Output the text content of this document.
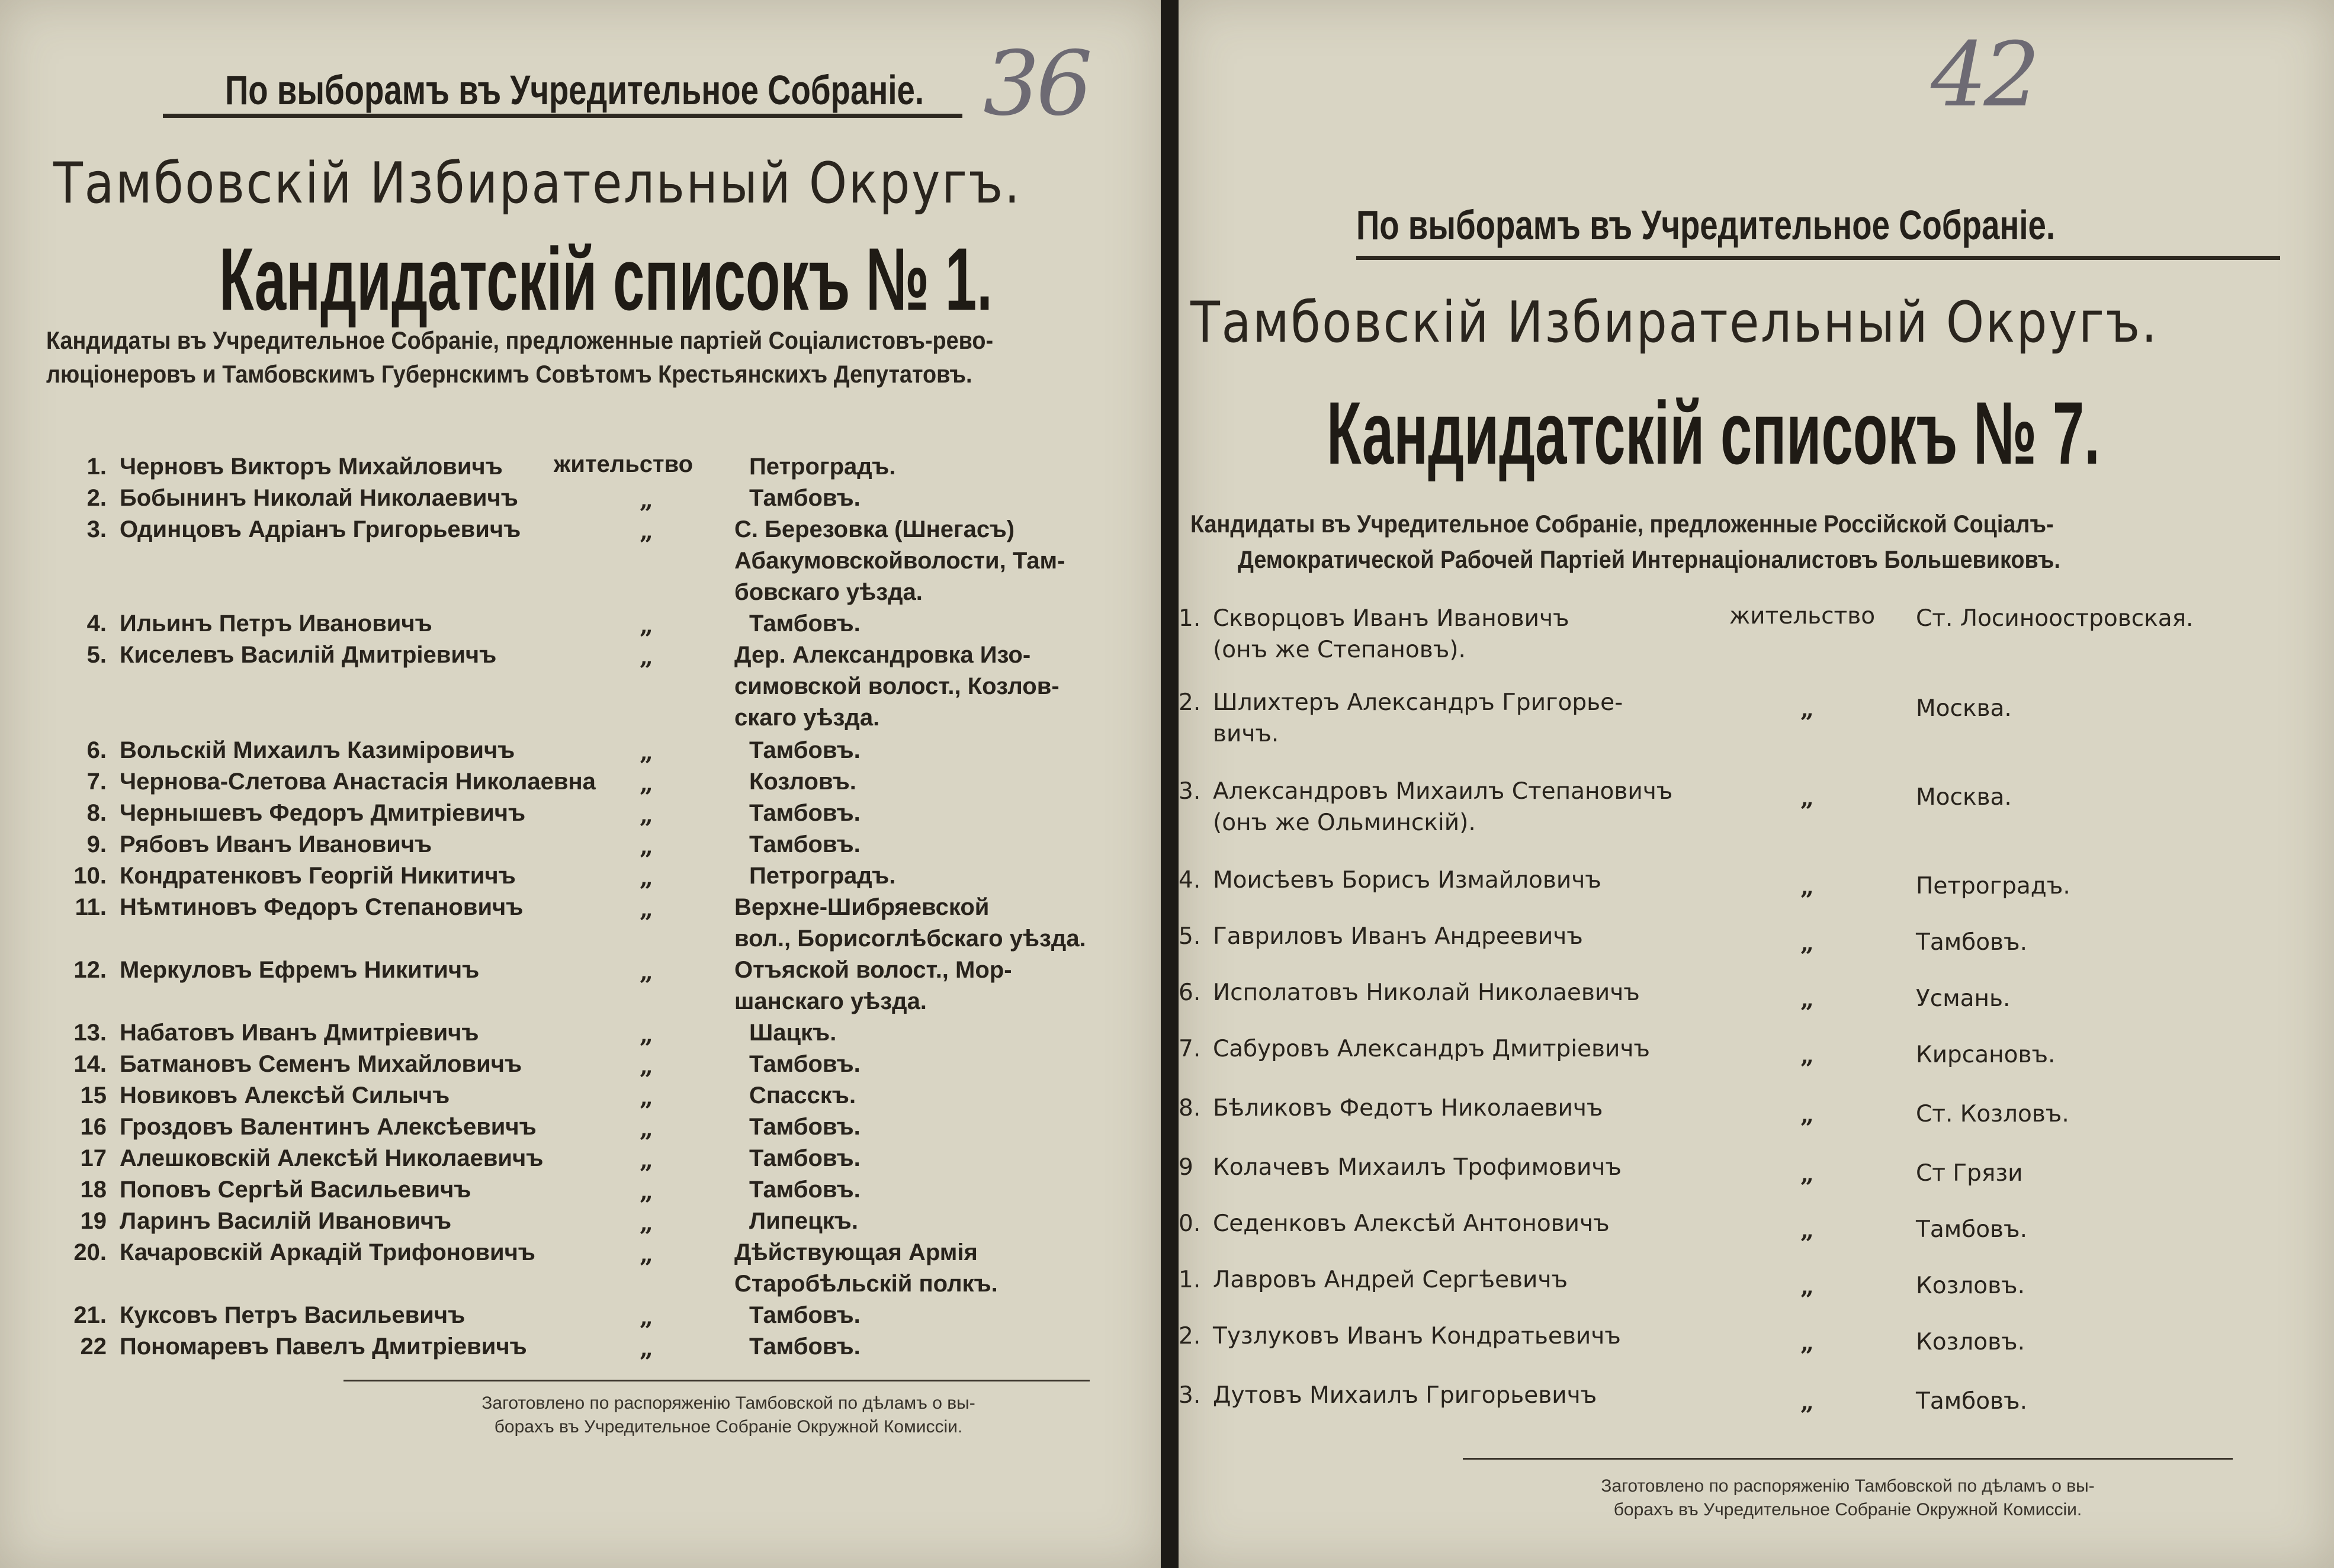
По выборамъ въ Учредительное Собраніе. 36
Тамбовскій Избирательный Округъ.
Кандидатскій списокъ № 1.
Кандидаты въ Учредительное Собраніе, предложенные партіей Соціалистовъ-рево-
люціонеровъ и Тамбовскимъ Губернскимъ Совѣтомъ Крестьянскихъ Депутатовъ.
жительство
Заготовлено по распоряженію Тамбовской по дѣламъ о вы-
борахъ въ Учредительное Собраніе Окружной Комиссіи.
1. Черновъ Викторъ Михайловичъ	Петроградъ.
2. Бобынинъ Николай Николаевичъ	„	Тамбовъ.
3. Одинцовъ Адріанъ Григорьевичъ	„	С. Березовка (Шнегасъ)
Абакумовскойволости, Там-
бовскаго уѣзда.
4. Ильинъ Петръ Ивановичъ	„	Тамбовъ.
5. Киселевъ Василій Дмитріевичъ	„	Дер. Александровка Изо-
симовской волост., Козлов-
скаго уѣзда.
6. Вольскій Михаилъ Казиміровичъ	„	Тамбовъ.
7. Чернова-Слетова Анастасія Николаевна „	Козловъ.
8. Чернышевъ Федоръ Дмитріевичъ	„	Тамбовъ.
9. Рябовъ Иванъ Ивановичъ	„	Тамбовъ.
10. Кондратенковъ Георгій Никитичъ	„	Петроградъ.
11. Нѣмтиновъ Федоръ Степановичъ	„	Верхне-Шибряевской
вол., Борисоглѣбскаго уѣзда.
12. Меркуловъ Ефремъ Никитичъ	„	Отъяской волост., Мор-
шанскаго уѣзда.
13. Набатовъ Иванъ Дмитріевичъ	„	Шацкъ.
14. Батмановъ Семенъ Михайловичъ	„	Тамбовъ.
15 Новиковъ Алексѣй Силычъ	„	Спасскъ.
16 Гроздовъ Валентинъ Алексѣевичъ	„	Тамбовъ.
17 Алешковскій Алексѣй Николаевичъ	„	Тамбовъ.
18 Поповъ Сергѣй Васильевичъ	„	Тамбовъ.
19 Ларинъ Василій Ивановичъ	„	Липецкъ.
20. Качаровскій Аркадій Трифоновичъ	„	Дѣйствующая Армія
Старобѣльскій полкъ.
21. Куксовъ Петръ Васильевичъ	„	Тамбовъ.
22 Пономаревъ Павелъ Дмитріевичъ	„	Тамбовъ.
42
По выборамъ въ Учредительное Собраніе.
Тамбовскій Избирательный Округъ.
Кандидатскій списокъ № 7.
Кандидаты въ Учредительное Собраніе, предложенные Россійской Соціалъ-
Демократической Рабочей Партіей Интернаціоналистовъ Большевиковъ.
жительство
Заготовлено по распоряженію Тамбовской по дѣламъ о вы-
борахъ въ Учредительное Собраніе Окружной Комиссіи.
1. Скворцовъ Иванъ Ивановичъ
(онъ же Степановъ).
Ст. Лосиноостровская.
2. Шлихтеръ Александръ Григорье-
вичъ.
„	Москва.
3. Александровъ Михаилъ Степановичъ
(онъ же Ольминскій).
„	Москва.
4. Моисѣевъ Борисъ Измайловичъ	„	Петроградъ.
5. Гавриловъ Иванъ Андреевичъ	„	Тамбовъ.
6. Исполатовъ Николай Николаевичъ	„	Усмань.
7. Сабуровъ Александръ Дмитріевичъ	„	Кирсановъ.
8. Бѣликовъ Федотъ Николаевичъ	„	Ст. Козловъ.
9 Колачевъ Михаилъ Трофимовичъ	„	Ст Грязи
0. Седенковъ Алексѣй Антоновичъ	„	Тамбовъ.
1. Лавровъ Андрей Сергѣевичъ	„	Козловъ.
2. Тузлуковъ Иванъ Кондратьевичъ	„	Козловъ.
3. Дутовъ Михаилъ Григорьевичъ	„	Тамбовъ.
